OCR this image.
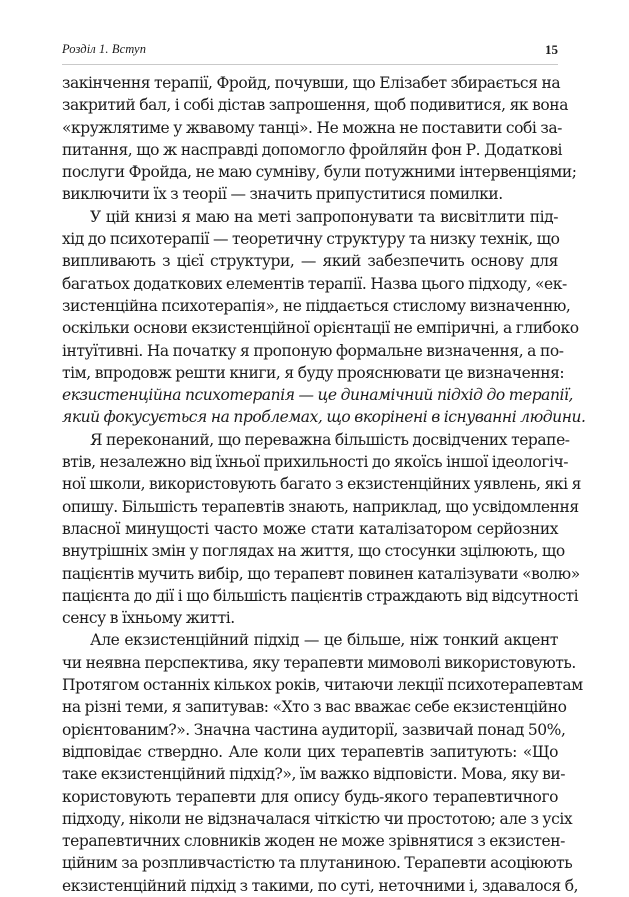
Розділ 1. Вступ	15
закінчення терапії, Фройд, почувши, що Елізабет збирається на
закритий бал, і собі дістав запрошення, щоб подивитися, як вона
«кружлятиме у жвавому танці». Не можна не поставити собі за-
питання, що ж насправді допомогло фройляйн фон Р. Додаткові
послуги Фройда, не маю сумніву, були потужними інтервенціями;
виключити їх з теорії — значить припуститися помилки.
У цій книзі я маю на меті запропонувати та висвітлити під-
хід до психотерапії — теоретичну структуру та низку технік, що
випливають з цієї структури, — який забезпечить основу для
багатьох додаткових елементів терапії. Назва цього підходу, «ек-
зистенційна психотерапія», не піддається стислому визначенню,
оскільки основи екзистенційної орієнтації не емпіричні, а глибоко
інтуїтивні. На початку я пропоную формальне визначення, а по-
тім, впродовж решти книги, я буду прояснювати це визначення:
екзистенційна психотерапія — це динамічний підхід до терапії,
який фокусується на проблемах, що вкорінені в існуванні людини.
Я переконаний, що переважна більшість досвідчених терапе-
втів, незалежно від їхньої прихильності до якоїсь іншої ідеологіч-
ної школи, використовують багато з екзистенційних уявлень, які я
опишу. Більшість терапевтів знають, наприклад, що усвідомлення
власної минущості часто може стати каталізатором серйозних
внутрішніх змін у поглядах на життя, що стосунки зцілюють, що
пацієнтів мучить вибір, що терапевт повинен каталізувати «волю»
пацієнта до дії і що більшість пацієнтів страждають від відсутності
сенсу в їхньому житті.
Але екзистенційний підхід — це більше, ніж тонкий акцент
чи неявна перспектива, яку терапевти мимоволі використовують.
Протягом останніх кількох років, читаючи лекції психотерапевтам
на різні теми, я запитував: «Хто з вас вважає себе екзистенційно
орієнтованим?». Значна частина аудиторії, зазвичай понад 50%,
відповідає ствердно. Але коли цих терапевтів запитують: «Що
таке екзистенційний підхід?», їм важко відповісти. Мова, яку ви-
користовують терапевти для опису будь-якого терапевтичного
підходу, ніколи не відзначалася чіткістю чи простотою; але з усіх
терапевтичних словників жоден не може зрівнятися з екзистен-
ційним за розпливчастістю та плутаниною. Терапевти асоціюють
екзистенційний підхід з такими, по суті, неточними і, здавалося б,
